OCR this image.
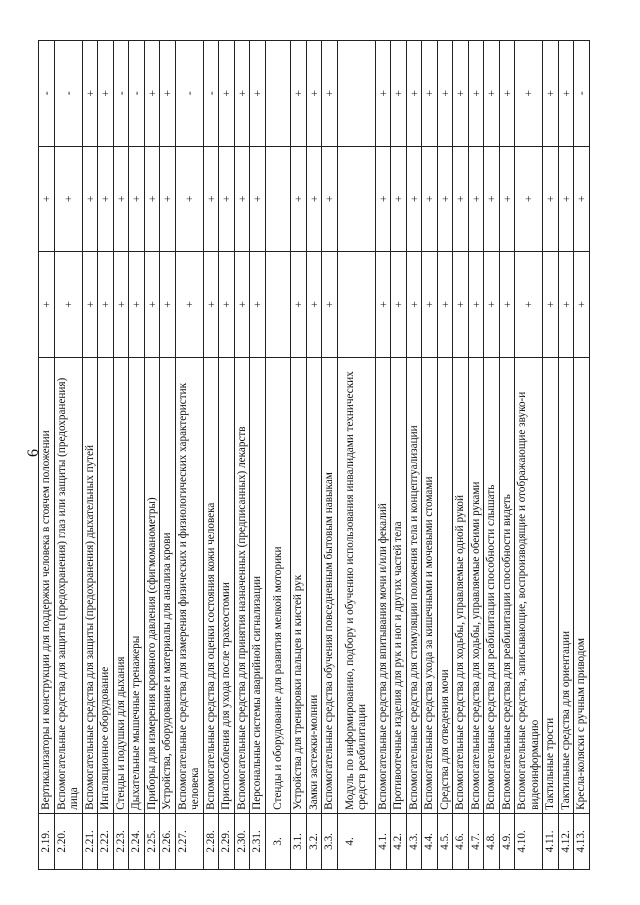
6
2.19.	Вертикализаторы и конструкции для поддержки человека в стоячем положении	+	+	-
2.20.	Вспомогательные средства для защиты (предохранения) глаз или защиты (предохранения) лица	+	+	-
2.21.	Вспомогательные средства для защиты (предохранения) дыхательных путей	+	+	+
2.22.	Ингаляционное оборудование	+	+	+
2.23.	Стенды и подушки для дыхания	+	+	-
2.24.	Дыхательные мышечные тренажеры	+	+	-
2.25.	Приборы для измерения кровяного давления (сфигмоманометры)	+	+	+
2.26.	Устройства, оборудование и материалы для анализа крови	+	+	+
2.27.	Вспомогательные средства для измерения физических и физиологических характеристик человека	+	+	-
2.28.	Вспомогательные средства для оценки состояния кожи человека	+	+	-
2.29.	Приспособления для ухода после трахеостомии	+	+	+
2.30.	Вспомогательные средства для принятия назначенных (предписанных) лекарств	+	+	+
2.31.	Персональные системы аварийной сигнализации	+	+	+
3.	Стенды и оборудование для развития мелкой моторики			
3.1.	Устройства для тренировки пальцев и кистей рук	+	+	+
3.2.	Замки застежки-молнии	+	+	+
3.3.	Вспомогательные средства обучения повседневным бытовым навыкам	+	+	+
4.	Модуль по информированию, подбору и обучению использования инвалидами технических средств реабилитации			
4.1.	Вспомогательные средства для впитывания мочи и/или фекалий	+	+	+
4.2.	Противоотечные изделия для рук и ног и других частей тела	+	+	+
4.3.	Вспомогательные средства для стимуляции положения тела и концептуализации	+	+	+
4.4.	Вспомогательные средства ухода за кишечными и мочевыми стомами	+	+	+
4.5.	Средства для отведения мочи	+	+	+
4.6.	Вспомогательные средства для ходьбы, управляемые одной рукой	+	+	+
4.7.	Вспомогательные средства для ходьбы, управляемые обеими руками	+	+	+
4.8.	Вспомогательные средства для реабилитации способности слышать	+	+	+
4.9.	Вспомогательные средства для реабилитации способности видеть	+	+	+
4.10.	Вспомогательные средства, записывающие, воспроизводящие и отображающие звуко-и видеоинформацию	+	+	+
4.11.	Тактильные трости	+	+	+
4.12.	Тактильные средства для ориентации	+	+	+
4.13.	Кресла-коляски с ручным приводом	+	+	-
